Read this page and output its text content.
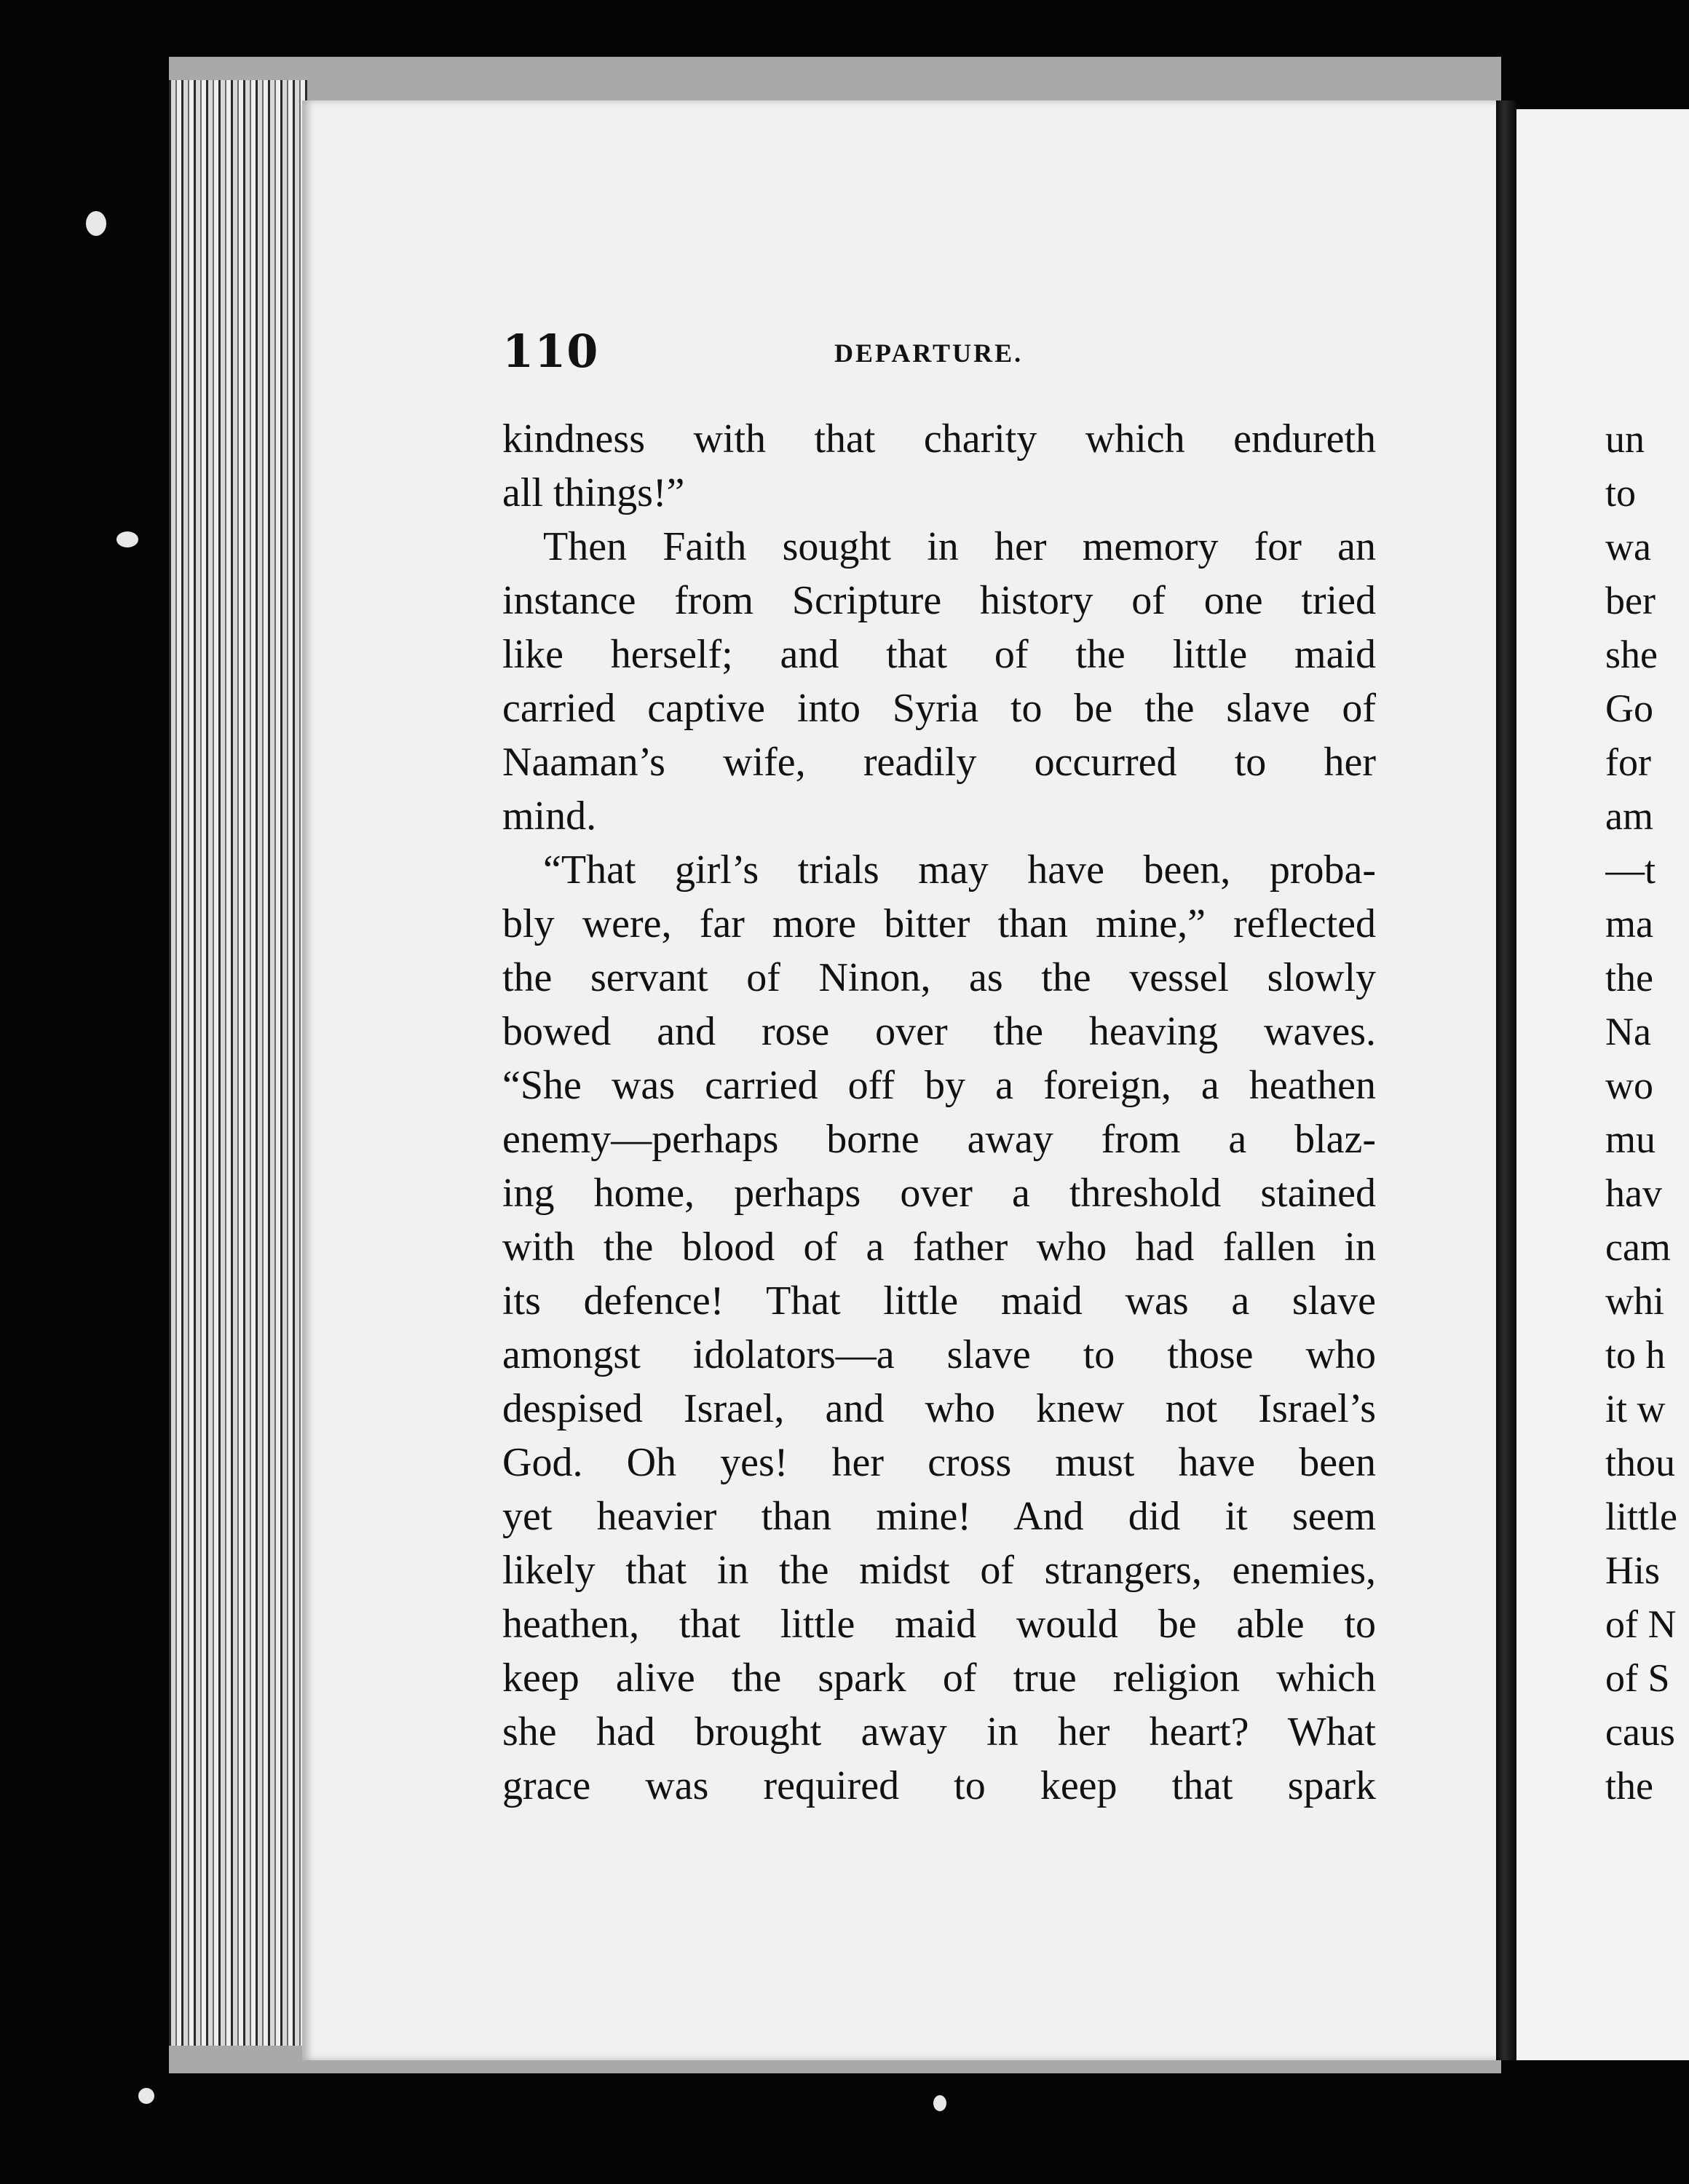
110	DEPARTURE.
kindness with that charity which endureth
all things!”
 Then Faith sought in her memory for an
instance from Scripture history of one tried
like herself; and that of the little maid
carried captive into Syria to be the slave of
Naaman’s wife, readily occurred to her
mind.
 “That girl’s trials may have been, proba-
bly were, far more bitter than mine,” reflected
the servant of Ninon, as the vessel slowly
bowed and rose over the heaving waves.
“She was carried off by a foreign, a heathen
enemy—perhaps borne away from a blaz-
ing home, perhaps over a threshold stained
with the blood of a father who had fallen in
its defence! That little maid was a slave
amongst idolators—a slave to those who
despised Israel, and who knew not Israel’s
God. Oh yes! her cross must have been
yet heavier than mine! And did it seem
likely that in the midst of strangers, enemies,
heathen, that little maid would be able to
keep alive the spark of true religion which
she had brought away in her heart? What
grace was required to keep that spark
un
to
wa
ber
she
Go
for
am
—t
ma
the
Na
wo
mu
hav
cam
whi
to h
it w
thou
little
His
of N
of S
caus
the
